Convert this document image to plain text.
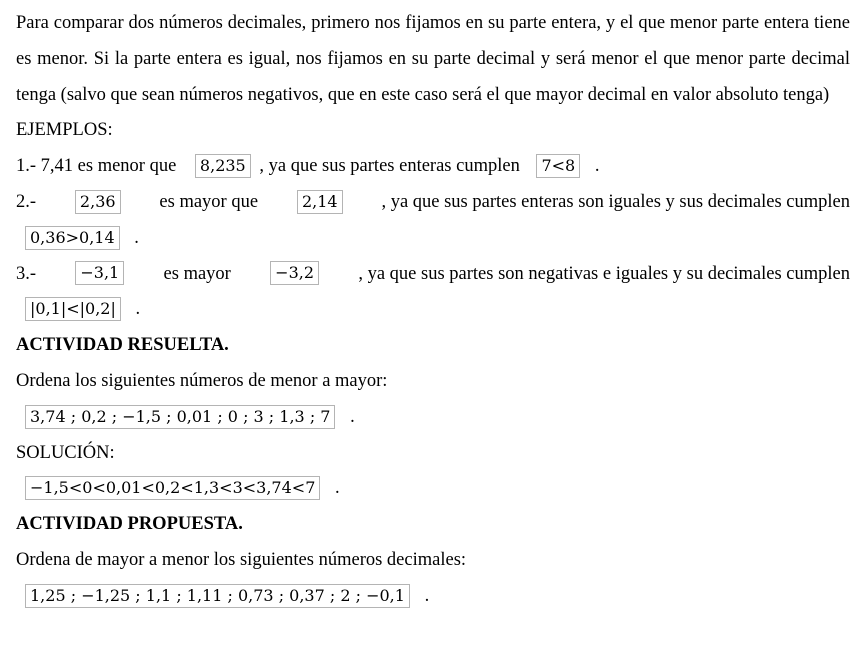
Para comparar dos números decimales, primero nos fijamos en su parte entera, y el que menor parte entera tiene es menor. Si la parte entera es igual, nos fijamos en su parte decimal y será menor el que menor parte decimal tenga (salvo que sean números negativos, que en este caso será el que mayor decimal en valor absoluto tenga)

EJEMPLOS:
1.- 7,41 es menor que 8,235 , ya que sus partes enteras cumplen 7<8 .
2.-	2,36 es mayor que	2,14 , ya que sus partes enteras son iguales y sus decimales cumplen
0,36>0,14 .
3.-	−3,1 es mayor	−3,2 , ya que sus partes son negativas e iguales y su decimales cumplen
|0,1|<|0,2| .
ACTIVIDAD RESUELTA.
Ordena los siguientes números de menor a mayor:
3,74 ; 0,2 ; −1,5 ; 0,01 ; 0 ; 3 ; 1,3 ; 7 .
SOLUCIÓN:
−1,5<0<0,01<0,2<1,3<3<3,74<7 .
ACTIVIDAD PROPUESTA.
Ordena de mayor a menor los siguientes números decimales:
1,25 ; −1,25 ; 1,1 ; 1,11 ; 0,73 ; 0,37 ; 2 ; −0,1 .
